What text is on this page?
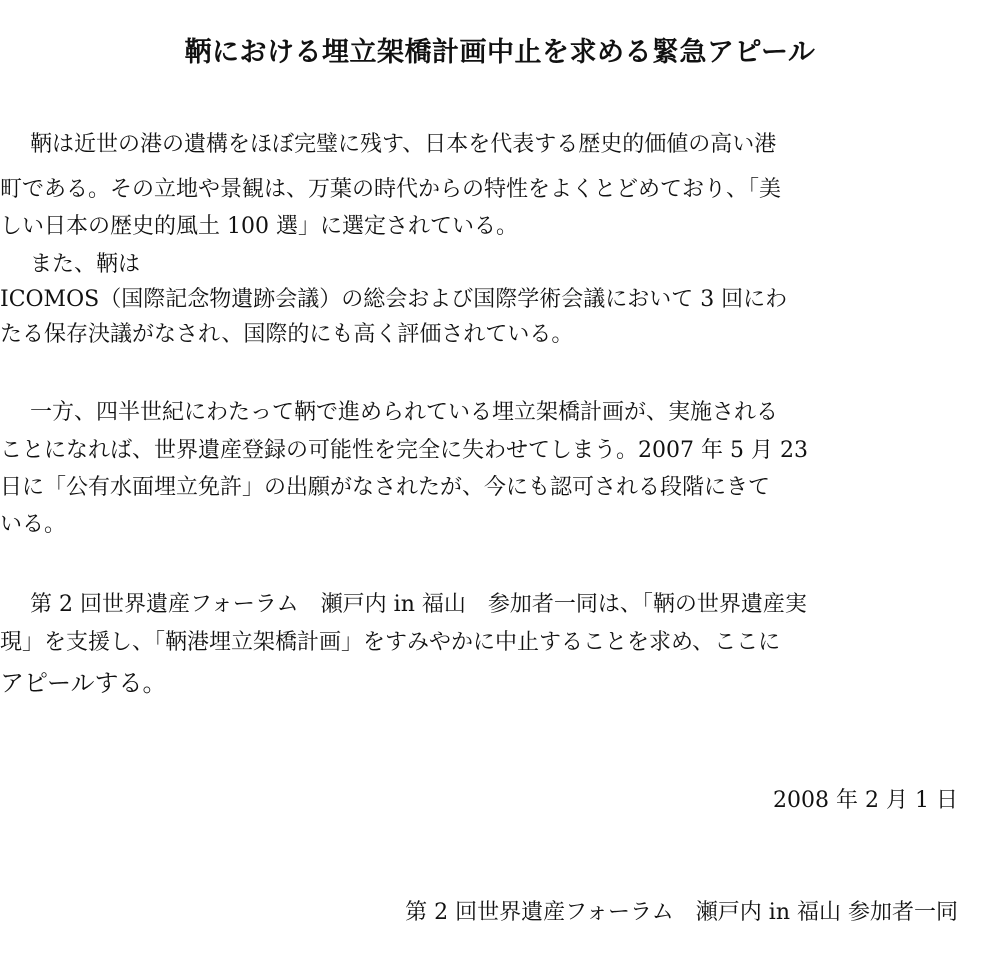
鞆における埋立架橋計画中止を求める緊急アピール

鞆は近世の港の遺構をほぼ完璧に残す、日本を代表する歴史的価値の高い港

町である。その立地や景観は、万葉の時代からの特性をよくとどめており、「美

しい日本の歴史的風土 100 選」に選定されている。

また、鞆は

ICOMOS（国際記念物遺跡会議）の総会および国際学術会議において 3 回にわ

たる保存決議がなされ、国際的にも高く評価されている。

一方、四半世紀にわたって鞆で進められている埋立架橋計画が、実施される

ことになれば、世界遺産登録の可能性を完全に失わせてしまう。2007 年 5 月 23

日に「公有水面埋立免許」の出願がなされたが、今にも認可される段階にきて

いる。

第 2 回世界遺産フォーラム　瀬戸内 in 福山　参加者一同は、「鞆の世界遺産実

現」を支援し、「鞆港埋立架橋計画」をすみやかに中止することを求め、ここに

アピールする。

2008 年 2 月 1 日

第 2 回世界遺産フォーラム　瀬戸内 in 福山 参加者一同
